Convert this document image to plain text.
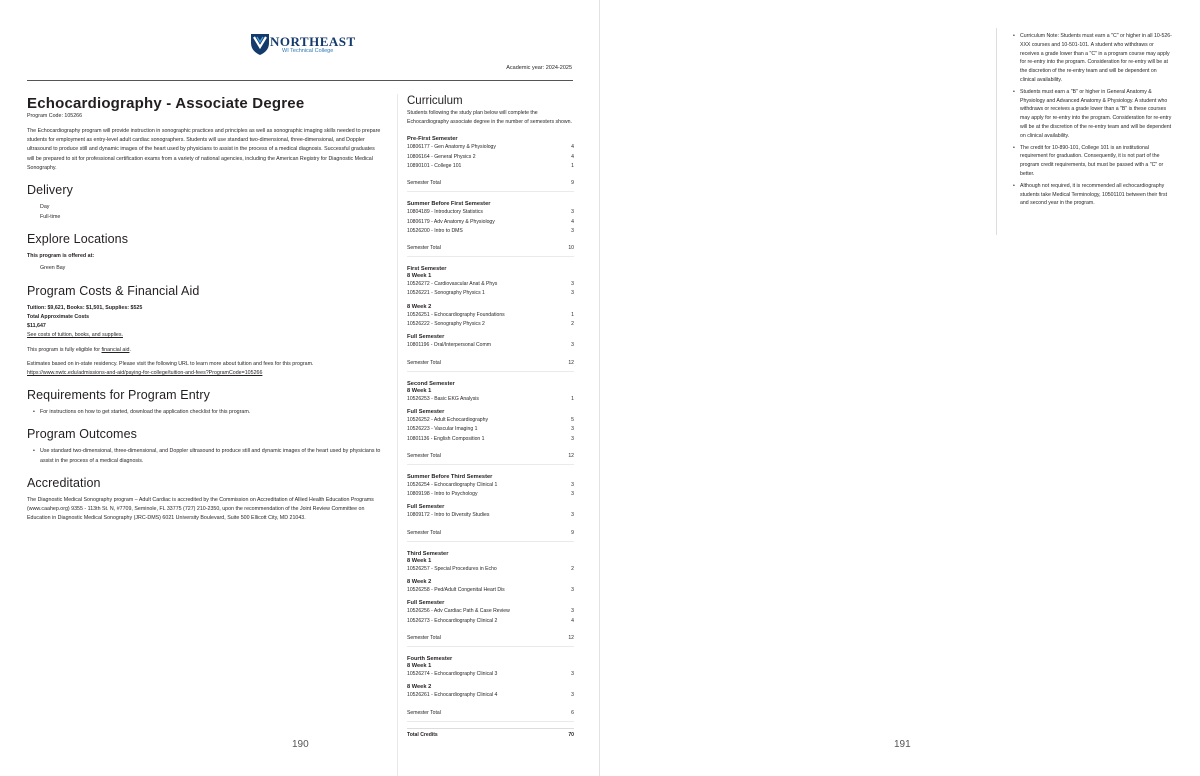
NORTHEAST
WI Technical College
Academic year: 2024-2025
Echocardiography - Associate Degree
Program Code: 105266
The Echocardiography program will provide instruction in sonographic practices and principles as well as sonographic imaging skills needed to prepare students for employment as entry-level adult cardiac sonographers. Students will use standard two-dimensional, three-dimensional, and Doppler ultrasound to produce still and dynamic images of the heart used by physicians to assist in the process of a medical diagnosis. Successful graduates will be prepared to sit for professional certification exams from a variety of national agencies, including the American Registry for Diagnostic Medical Sonography.
Delivery
Day
Full-time
Explore Locations
This program is offered at:
Green Bay
Program Costs & Financial Aid
Tuition: $9,621, Books: $1,501, Supplies: $525
Total Approximate Costs
$11,647
See costs of tuition, books, and supplies.
This program is fully eligible for financial aid.
Estimates based on in-state residency. Please visit the following URL to learn more about tuition and fees for this program.
https://www.nwtc.edu/admissions-and-aid/paying-for-college/tuition-and-fees?ProgramCode=105266
Requirements for Program Entry
• For instructions on how to get started, download the application checklist for this program.
Program Outcomes
• Use standard two-dimensional, three-dimensional, and Doppler ultrasound to produce still and dynamic images of the heart used by physicians to assist in the process of a medical diagnosis.
Accreditation
The Diagnostic Medical Sonography program – Adult Cardiac is accredited by the Commission on Accreditation of Allied Health Education Programs (www.caahep.org) 9355 - 113th St. N, #7709, Seminole, FL 33775 (727) 210-2350, upon the recommendation of the Joint Review Committee on Education in Diagnostic Medical Sonography (JRC-DMS) 6021 University Boulevard, Suite 500 Ellicott City, MD 21043.
Curriculum
Students following the study plan below will complete the Echocardiography associate degree in the number of semesters shown.
Pre-First Semester
10806177 - Gen Anatomy & Physiology	4
10806164 - General Physics 2	4
10890101 - College 101	1
Semester Total	9
Summer Before First Semester
10804189 - Introductory Statistics	3
10806179 - Adv Anatomy & Physiology	4
10526200 - Intro to DMS	3
Semester Total	10
First Semester
8 Week 1
10526272 - Cardiovascular Anat & Phys	3
10526221 - Sonography Physics 1	3
8 Week 2
10526251 - Echocardiography Foundations	1
10526222 - Sonography Physics 2	2
Full Semester
10801196 - Oral/Interpersonal Comm	3
Semester Total	12
Second Semester
8 Week 1
10526253 - Basic EKG Analysis	1
Full Semester
10526252 - Adult Echocardiography	5
10526223 - Vascular Imaging 1	3
10801136 - English Composition 1	3
Semester Total	12
Summer Before Third Semester
10526254 - Echocardiography Clinical 1	3
10809198 - Intro to Psychology	3
Full Semester
10809172 - Intro to Diversity Studies	3
Semester Total	9
Third Semester
8 Week 1
10526257 - Special Procedures in Echo	2
8 Week 2
10526258 - Ped/Adult Congenital Heart Dis	3
Full Semester
10526256 - Adv Cardiac Path & Case Review	3
10526273 - Echocardiography Clinical 2	4
Semester Total	12
Fourth Semester
8 Week 1
10526274 - Echocardiography Clinical 3	3
8 Week 2
10526261 - Echocardiography Clinical 4	3
Semester Total	6
Total Credits	70
190
• Curriculum Note: Students must earn a "C" or higher in all 10-526-XXX courses and 10-501-101. A student who withdraws or receives a grade lower than a "C" in a program course may apply for re-entry into the program. Consideration for re-entry will be at the discretion of the re-entry team and will be dependent on clinical availability.
• Students must earn a "B" or higher in General Anatomy & Physiology and Advanced Anatomy & Physiology. A student who withdraws or receives a grade lower than a "B" is these courses may apply for re-entry into the program. Consideration for re-entry will be at the discretion of the re-entry team and will be dependent on clinical availability.
• The credit for 10-890-101, College 101 is an institutional requirement for graduation. Consequently, it is not part of the program credit requirements, but must be passed with a "C" or better.
• Although not required, it is recommended all echocardiography students take Medical Terminology, 10501101 between their first and second year in the program.
191
